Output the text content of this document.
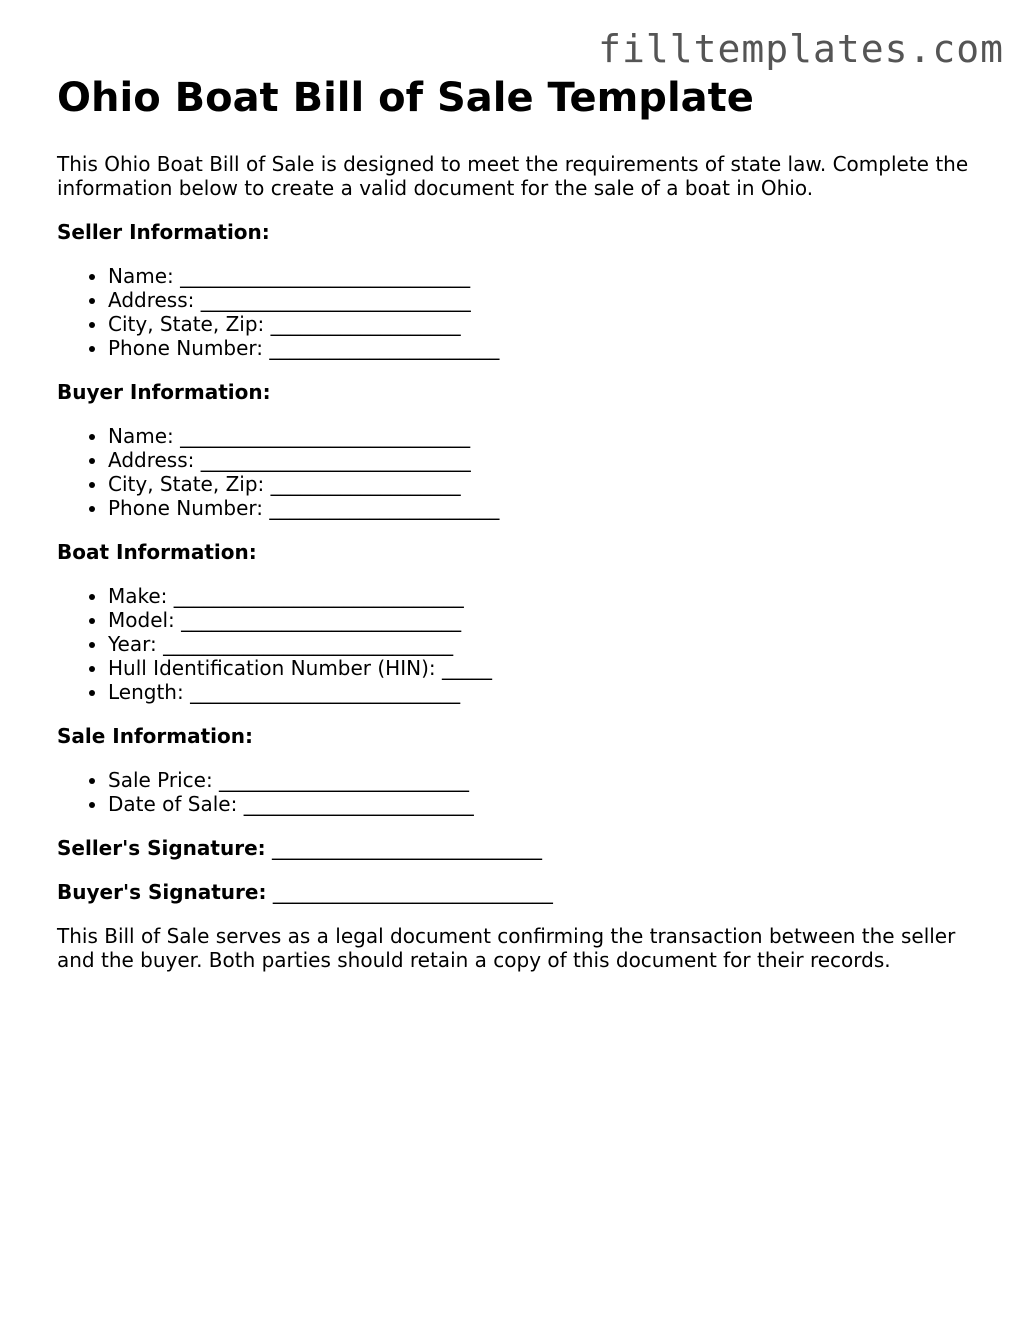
filltemplates.com
Ohio Boat Bill of Sale Template

This Ohio Boat Bill of Sale is designed to meet the requirements of state law. Complete the information below to create a valid document for the sale of a boat in Ohio.

Seller Information:

• Name: _____________________________
• Address: ___________________________
• City, State, Zip: ___________________
• Phone Number: _______________________

Buyer Information:

• Name: _____________________________
• Address: ___________________________
• City, State, Zip: ___________________
• Phone Number: _______________________

Boat Information:

• Make: _____________________________
• Model: ____________________________
• Year: _____________________________
• Hull Identification Number (HIN): _____
• Length: ___________________________

Sale Information:

• Sale Price: _________________________
• Date of Sale: _______________________

Seller's Signature: ___________________________

Buyer's Signature: ____________________________

This Bill of Sale serves as a legal document confirming the transaction between the seller and the buyer. Both parties should retain a copy of this document for their records.
